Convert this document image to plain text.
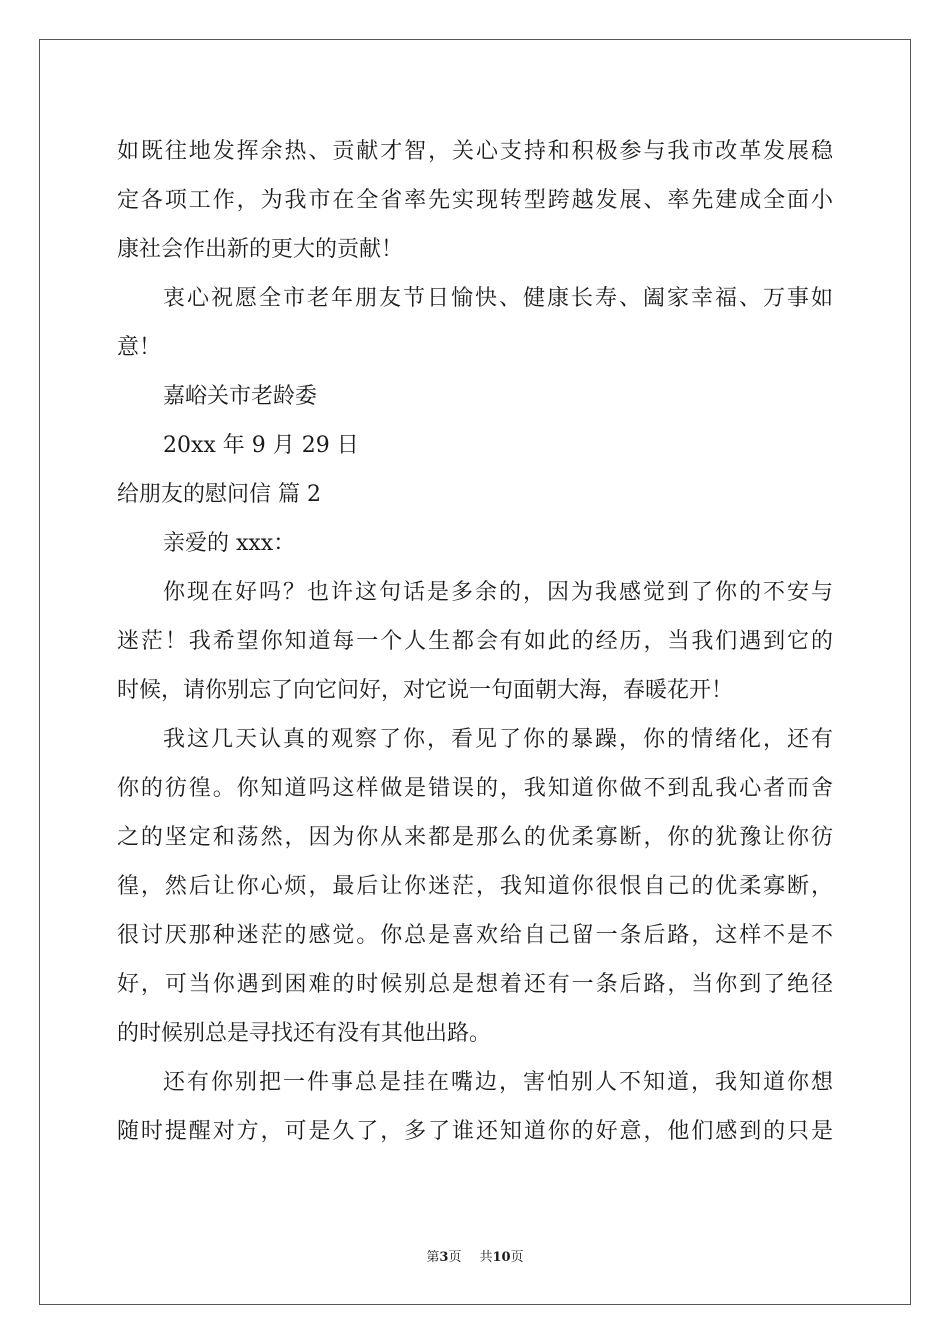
如既往地发挥余热、贡献才智，关心支持和积极参与我市改革发展稳
定各项工作，为我市在全省率先实现转型跨越发展、率先建成全面小
康社会作出新的更大的贡献！
衷心祝愿全市老年朋友节日愉快、健康长寿、阖家幸福、万事如
意！
嘉峪关市老龄委
20xx 年 9 月 29 日
给朋友的慰问信 篇 2
亲爱的 xxx：
你现在好吗？也许这句话是多余的，因为我感觉到了你的不安与
迷茫！我希望你知道每一个人生都会有如此的经历，当我们遇到它的
时候，请你别忘了向它问好，对它说一句面朝大海，春暖花开！
我这几天认真的观察了你，看见了你的暴躁，你的情绪化，还有
你的彷徨。你知道吗这样做是错误的，我知道你做不到乱我心者而舍
之的坚定和荡然，因为你从来都是那么的优柔寡断，你的犹豫让你彷
徨，然后让你心烦，最后让你迷茫，我知道你很恨自己的优柔寡断，
很讨厌那种迷茫的感觉。你总是喜欢给自己留一条后路，这样不是不
好，可当你遇到困难的时候别总是想着还有一条后路，当你到了绝径
的时候别总是寻找还有没有其他出路。
还有你别把一件事总是挂在嘴边，害怕别人不知道，我知道你想
随时提醒对方，可是久了，多了谁还知道你的好意，他们感到的只是
第3页 共10页
